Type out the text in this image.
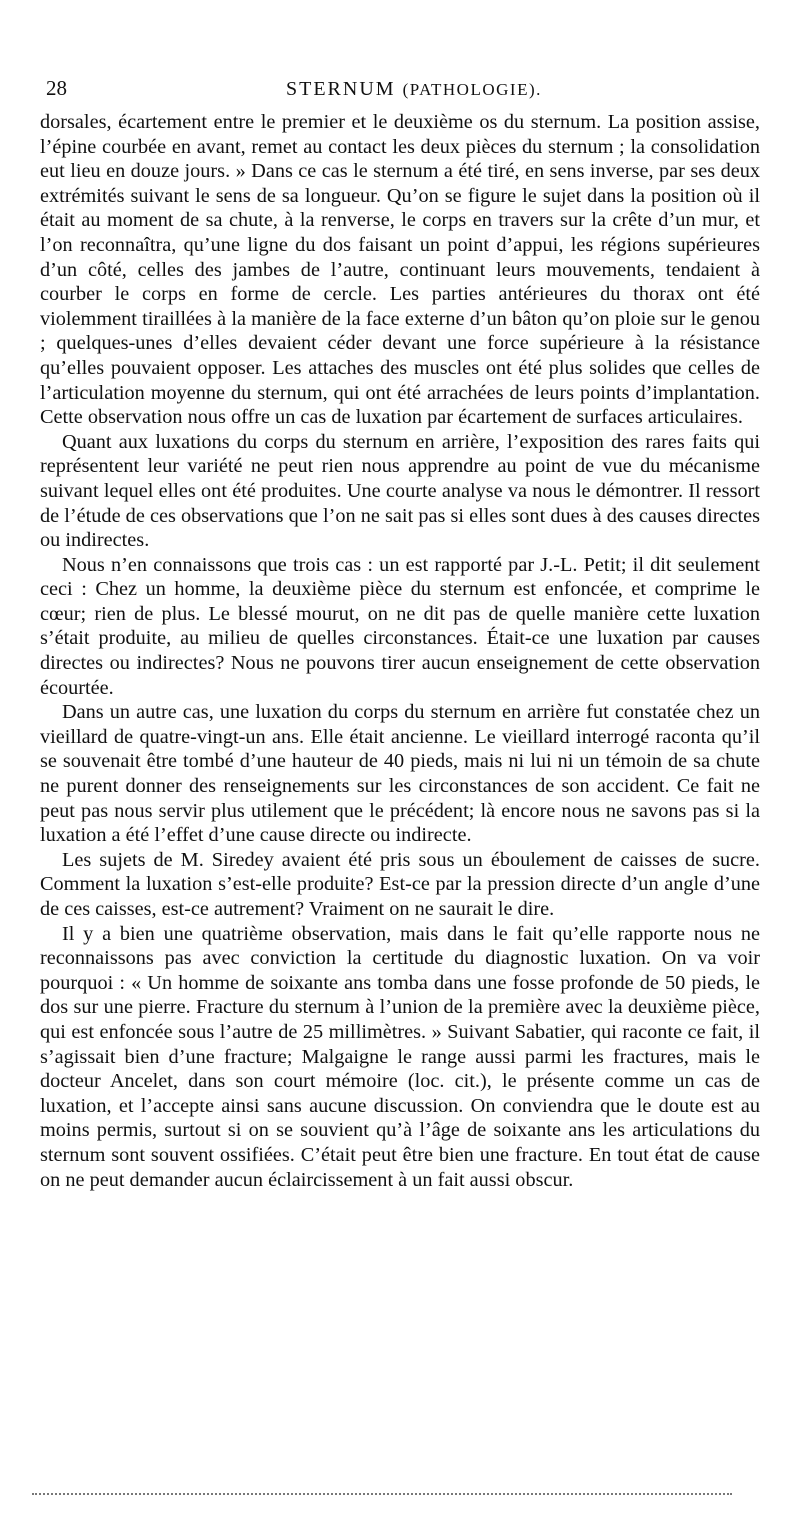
28	STERNUM (PATHOLOGIE).

dorsales, écartement entre le premier et le deuxième os du sternum. La position assise, l’épine courbée en avant, remet au contact les deux pièces du sternum ; la consolidation eut lieu en douze jours. » Dans ce cas le sternum a été tiré, en sens inverse, par ses deux extrémités suivant le sens de sa longueur. Qu’on se figure le sujet dans la position où il était au moment de sa chute, à la renverse, le corps en travers sur la crête d’un mur, et l’on reconnaîtra, qu’une ligne du dos faisant un point d’appui, les régions supérieures d’un côté, celles des jambes de l’autre, continuant leurs mouvements, tendaient à courber le corps en forme de cercle. Les parties antérieures du thorax ont été violemment tiraillées à la manière de la face externe d’un bâton qu’on ploie sur le genou ; quelques-unes d’elles devaient céder devant une force supérieure à la résistance qu’elles pouvaient opposer. Les attaches des muscles ont été plus solides que celles de l’articulation moyenne du sternum, qui ont été arrachées de leurs points d’implantation. Cette observation nous offre un cas de luxation par écartement de surfaces articulaires.

Quant aux luxations du corps du sternum en arrière, l’exposition des rares faits qui représentent leur variété ne peut rien nous apprendre au point de vue du mécanisme suivant lequel elles ont été produites. Une courte analyse va nous le démontrer. Il ressort de l’étude de ces observations que l’on ne sait pas si elles sont dues à des causes directes ou indirectes.

Nous n’en connaissons que trois cas : un est rapporté par J.-L. Petit; il dit seulement ceci : Chez un homme, la deuxième pièce du sternum est enfoncée, et comprime le cœur; rien de plus. Le blessé mourut, on ne dit pas de quelle manière cette luxation s’était produite, au milieu de quelles circonstances. Était-ce une luxation par causes directes ou indirectes? Nous ne pouvons tirer aucun enseignement de cette observation écourtée.

Dans un autre cas, une luxation du corps du sternum en arrière fut constatée chez un vieillard de quatre-vingt-un ans. Elle était ancienne. Le vieillard interrogé raconta qu’il se souvenait être tombé d’une hauteur de 40 pieds, mais ni lui ni un témoin de sa chute ne purent donner des renseignements sur les circonstances de son accident. Ce fait ne peut pas nous servir plus utilement que le précédent; là encore nous ne savons pas si la luxation a été l’effet d’une cause directe ou indirecte.

Les sujets de M. Siredey avaient été pris sous un éboulement de caisses de sucre. Comment la luxation s’est-elle produite? Est-ce par la pression directe d’un angle d’une de ces caisses, est-ce autrement? Vraiment on ne saurait le dire.

Il y a bien une quatrième observation, mais dans le fait qu’elle rapporte nous ne reconnaissons pas avec conviction la certitude du diagnostic luxation. On va voir pourquoi : « Un homme de soixante ans tomba dans une fosse profonde de 50 pieds, le dos sur une pierre. Fracture du sternum à l’union de la première avec la deuxième pièce, qui est enfoncée sous l’autre de 25 millimètres. » Suivant Sabatier, qui raconte ce fait, il s’agissait bien d’une fracture; Malgaigne le range aussi parmi les fractures, mais le docteur Ancelet, dans son court mémoire (loc. cit.), le présente comme un cas de luxation, et l’accepte ainsi sans aucune discussion. On conviendra que le doute est au moins permis, surtout si on se souvient qu’à l’âge de soixante ans les articulations du sternum sont souvent ossifiées. C’était peut être bien une fracture. En tout état de cause on ne peut demander aucun éclaircissement à un fait aussi obscur.
